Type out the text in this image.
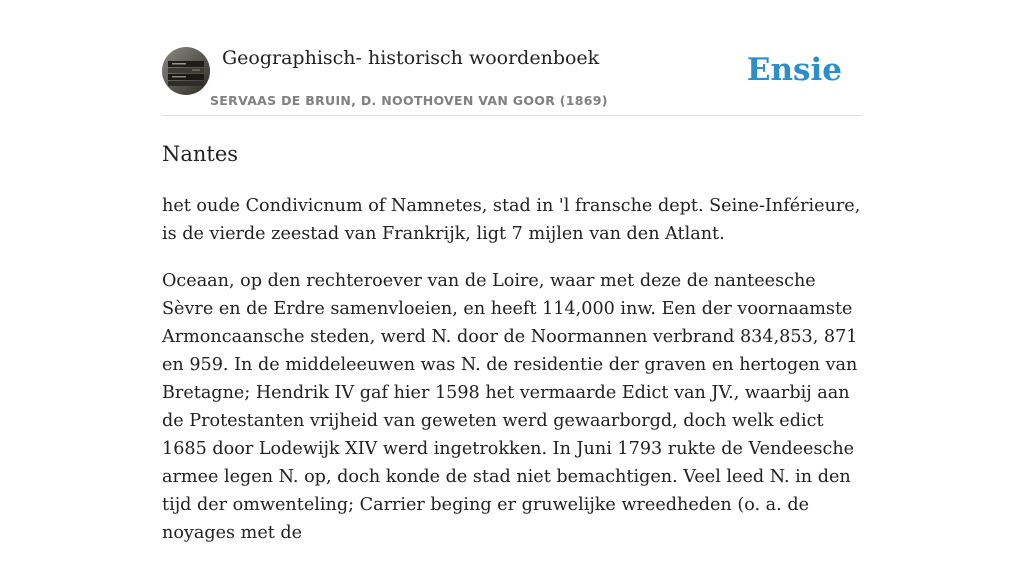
Geographisch- historisch woordenboek
SERVAAS DE BRUIN, D. NOOTHOVEN VAN GOOR (1869)
Ensie
Nantes

het oude Condivicnum of Namnetes, stad in 'l fransche dept. Seine-Inférieure, is de vierde zeestad van Frankrijk, ligt 7 mijlen van den Atlant.

Oceaan, op den rechteroever van de Loire, waar met deze de nanteesche Sèvre en de Erdre samenvloeien, en heeft 114,000 inw. Een der voornaamste Armoncaansche steden, werd N. door de Noormannen verbrand 834,853, 871 en 959. In de middeleeuwen was N. de residentie der graven en hertogen van Bretagne; Hendrik IV gaf hier 1598 het vermaarde Edict van JV., waarbij aan de Protestanten vrijheid van geweten werd gewaarborgd, doch welk edict 1685 door Lodewijk XIV werd ingetrokken. In Juni 1793 rukte de Vendeesche armee legen N. op, doch konde de stad niet bemachtigen. Veel leed N. in den tijd der omwenteling; Carrier beging er gruwelijke wreedheden (o. a. de noyages met de
